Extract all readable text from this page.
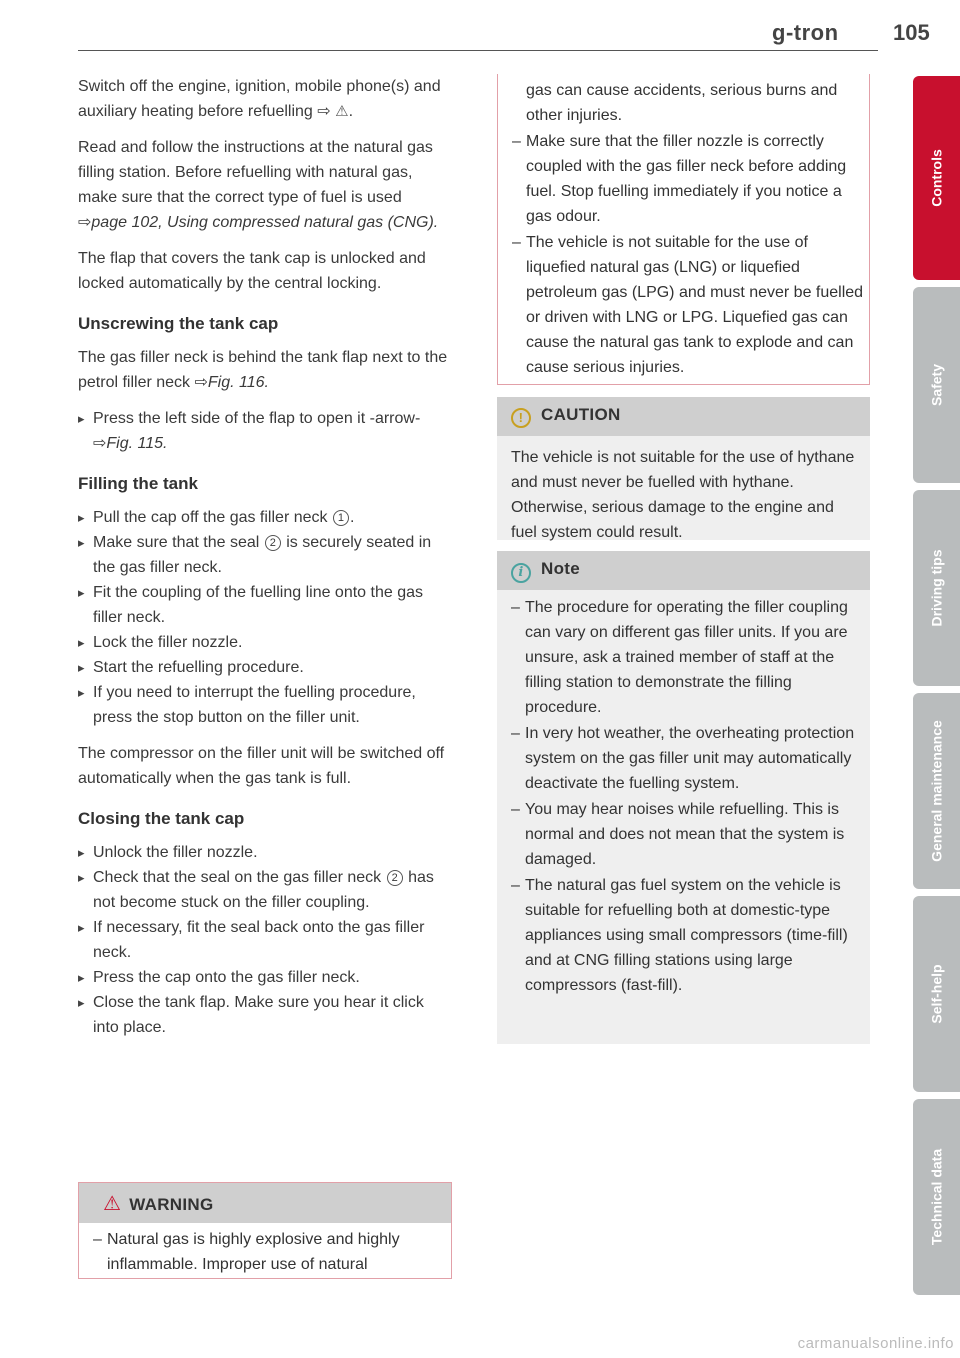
g-tron 105

Switch off the engine, ignition, mobile phone(s) and auxiliary heating before refuelling ⇨ ⚠.

Read and follow the instructions at the natural gas filling station. Before refuelling with natural gas, make sure that the correct type of fuel is used ⇨page 102, Using compressed natural gas (CNG).

The flap that covers the tank cap is unlocked and locked automatically by the central locking.

Unscrewing the tank cap

The gas filler neck is behind the tank flap next to the petrol filler neck ⇨Fig. 116.

▸ Press the left side of the flap to open it -arrow- ⇨Fig. 115.
Filling the tank
▸ Pull the cap off the gas filler neck 1 .
▸ Make sure that the seal 2 is securely seated in the gas filler neck.
▸ Fit the coupling of the fuelling line onto the gas filler neck.
▸ Lock the filler nozzle.
▸ Start the refuelling procedure.
▸ If you need to interrupt the fuelling procedure, press the stop button on the filler unit.

The compressor on the filler unit will be switched off automatically when the gas tank is full.

Closing the tank cap
▸ Unlock the filler nozzle.
▸ Check that the seal on the gas filler neck 2 has not become stuck on the filler coupling.
▸ If necessary, fit the seal back onto the gas filler neck.
▸ Press the cap onto the gas filler neck.
▸ Close the tank flap. Make sure you hear it click into place.
⚠ WARNING
– Natural gas is highly explosive and highly inflammable. Improper use of natural
gas can cause accidents, serious burns and other injuries.
– Make sure that the filler nozzle is correctly coupled with the gas filler neck before adding fuel. Stop fuelling immediately if you notice a gas odour.
– The vehicle is not suitable for the use of liquefied natural gas (LNG) or liquefied petroleum gas (LPG) and must never be fuelled or driven with LNG or LPG. Liquefied gas can cause the natural gas tank to explode and can cause serious injuries.
! CAUTION
The vehicle is not suitable for the use of hythane and must never be fuelled with hythane. Otherwise, serious damage to the engine and fuel system could result.
i Note
– The procedure for operating the filler coupling can vary on different gas filler units. If you are unsure, ask a trained member of staff at the filling station to demonstrate the filling procedure.
– In very hot weather, the overheating protection system on the gas filler unit may automatically deactivate the fuelling system.
– You may hear noises while refuelling. This is normal and does not mean that the system is damaged.
– The natural gas fuel system on the vehicle is suitable for refuelling both at domestic-type appliances using small compressors (time-fill) and at CNG filling stations using large compressors (fast-fill).
Controls
Safety
Driving tips
General maintenance
Self-help
Technical data
carmanualsonline.info
